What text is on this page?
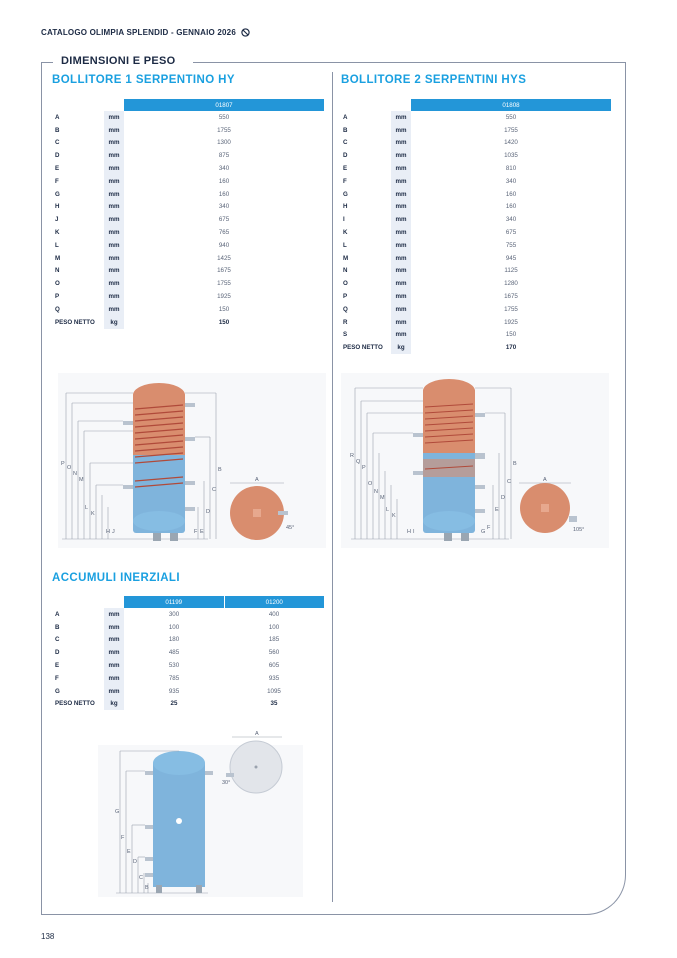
CATALOGO OLIMPIA SPLENDID - GENNAIO 2026
DIMENSIONI E PESO
BOLLITORE 1 SERPENTINO HY
		01807
A	mm	550
B	mm	1755
C	mm	1300
D	mm	875
E	mm	340
F	mm	160
G	mm	160
H	mm	340
J	mm	675
K	mm	765
L	mm	940
M	mm	1425
N	mm	1675
O	mm	1755
P	mm	1925
Q	mm	150
PESO NETTO	kg	150
BOLLITORE 2 SERPENTINI HYS
		01808
A	mm	550
B	mm	1755
C	mm	1420
D	mm	1035
E	mm	810
F	mm	340
G	mm	160
H	mm	160
I	mm	340
K	mm	675
L	mm	755
M	mm	945
N	mm	1125
O	mm	1280
P	mm	1675
Q	mm	1755
R	mm	1925
S	mm	150
PESO NETTO	kg	170
P
O
N
M
L
K
H J
B
C
D
E
F
A
45°
R
Q
P
O
N
M
L
K
H I
B
C
D
E
F
G
A
105°
ACCUMULI INERZIALI
		01199	01200
A	mm	300	400
B	mm	100	100
C	mm	180	185
D	mm	485	560
E	mm	530	605
F	mm	785	935
G	mm	935	1095
PESO NETTO	kg	25	35
G
F
E
D
C
B
A
30°
138
